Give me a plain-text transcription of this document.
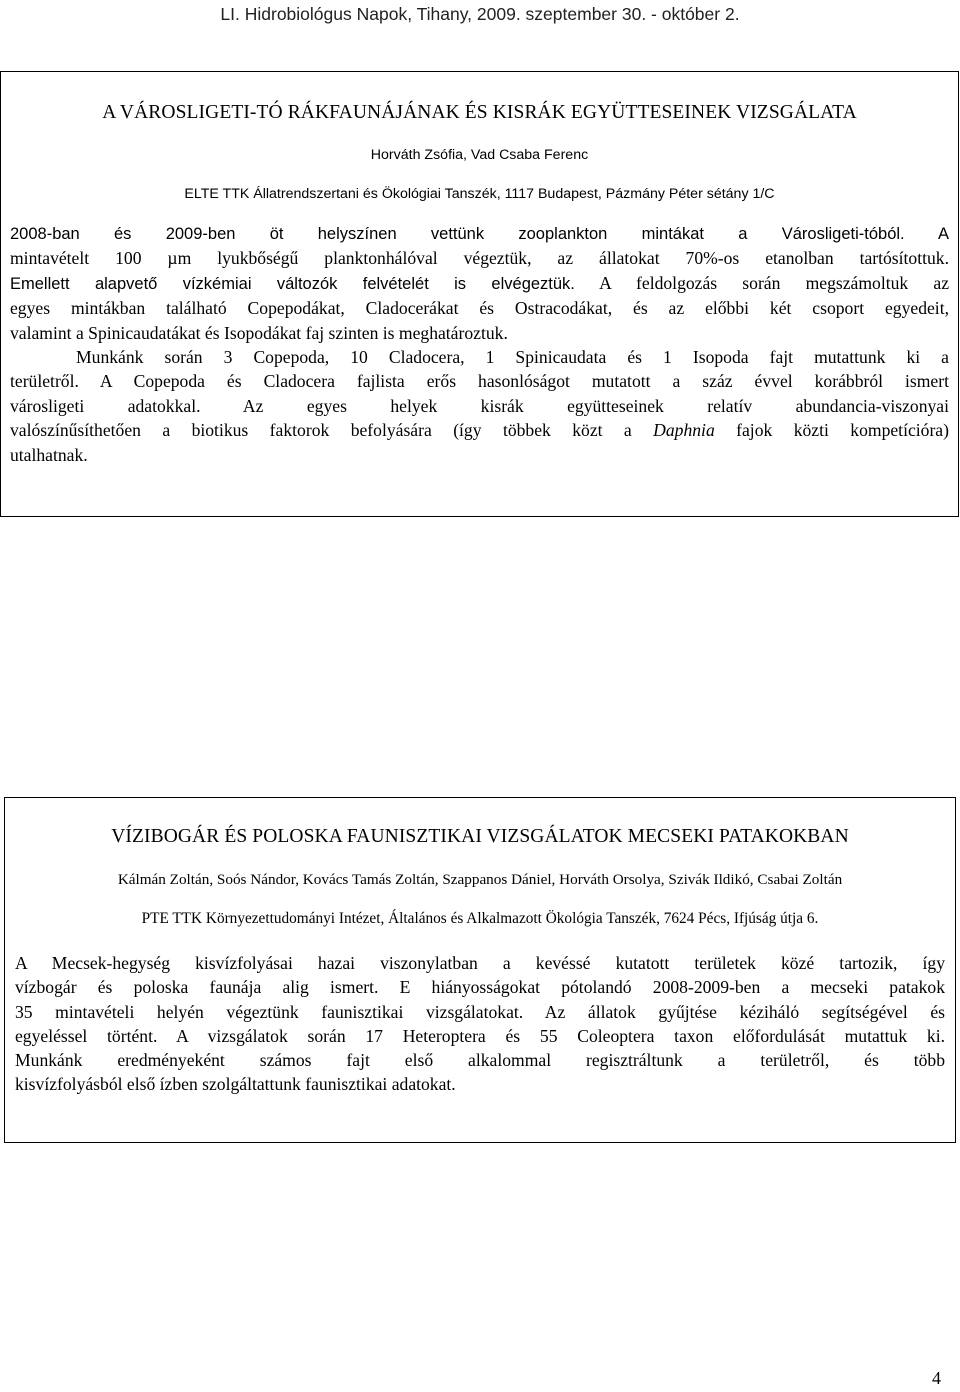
LI. Hidrobiológus Napok, Tihany, 2009. szeptember 30. - október 2.
A VÁROSLIGETI-TÓ RÁKFAUNÁJÁNAK ÉS KISRÁK EGYÜTTESEINEK VIZSGÁLATA
Horváth Zsófia, Vad Csaba Ferenc
ELTE TTK Állatrendszertani és Ökológiai Tanszék, 1117 Budapest, Pázmány Péter sétány 1/C
2008-ban és 2009-ben öt helyszínen vettünk zooplankton mintákat a Városligeti-tóból. A
mintavételt 100 µm lyukbőségű planktonhálóval végeztük, az állatokat 70%-os etanolban tartósítottuk.
Emellett alapvető vízkémiai változók felvételét is elvégeztük. A feldolgozás során megszámoltuk az
egyes mintákban található Copepodákat, Cladocerákat és Ostracodákat, és az előbbi két csoport egyedeit,
valamint a Spinicaudatákat és Isopodákat faj szinten is meghatároztuk.
Munkánk során 3 Copepoda, 10 Cladocera, 1 Spinicaudata és 1 Isopoda fajt mutattunk ki a
területről. A Copepoda és Cladocera fajlista erős hasonlóságot mutatott a száz évvel korábbról ismert
városligeti adatokkal. Az egyes helyek kisrák együtteseinek relatív abundancia-viszonyai
valószínűsíthetően a biotikus faktorok befolyására (így többek közt a Daphnia fajok közti kompetícióra)
utalhatnak.
VÍZIBOGÁR ÉS POLOSKA FAUNISZTIKAI VIZSGÁLATOK MECSEKI PATAKOKBAN
Kálmán Zoltán, Soós Nándor, Kovács Tamás Zoltán, Szappanos Dániel, Horváth Orsolya, Szivák Ildikó, Csabai Zoltán
PTE TTK Környezettudományi Intézet, Általános és Alkalmazott Ökológia Tanszék, 7624 Pécs, Ifjúság útja 6.
A Mecsek-hegység kisvízfolyásai hazai viszonylatban a kevéssé kutatott területek közé tartozik, így
vízbogár és poloska faunája alig ismert. E hiányosságokat pótolandó 2008-2009-ben a mecseki patakok
35 mintavételi helyén végeztünk faunisztikai vizsgálatokat. Az állatok gyűjtése kézihálό segítségével és
egyeléssel történt. A vizsgálatok során 17 Heteroptera és 55 Coleoptera taxon előfordulását mutattuk ki.
Munkánk eredményeként számos fajt első alkalommal regisztráltunk a területről, és több
kisvízfolyásból első ízben szolgáltattunk faunisztikai adatokat.
4
